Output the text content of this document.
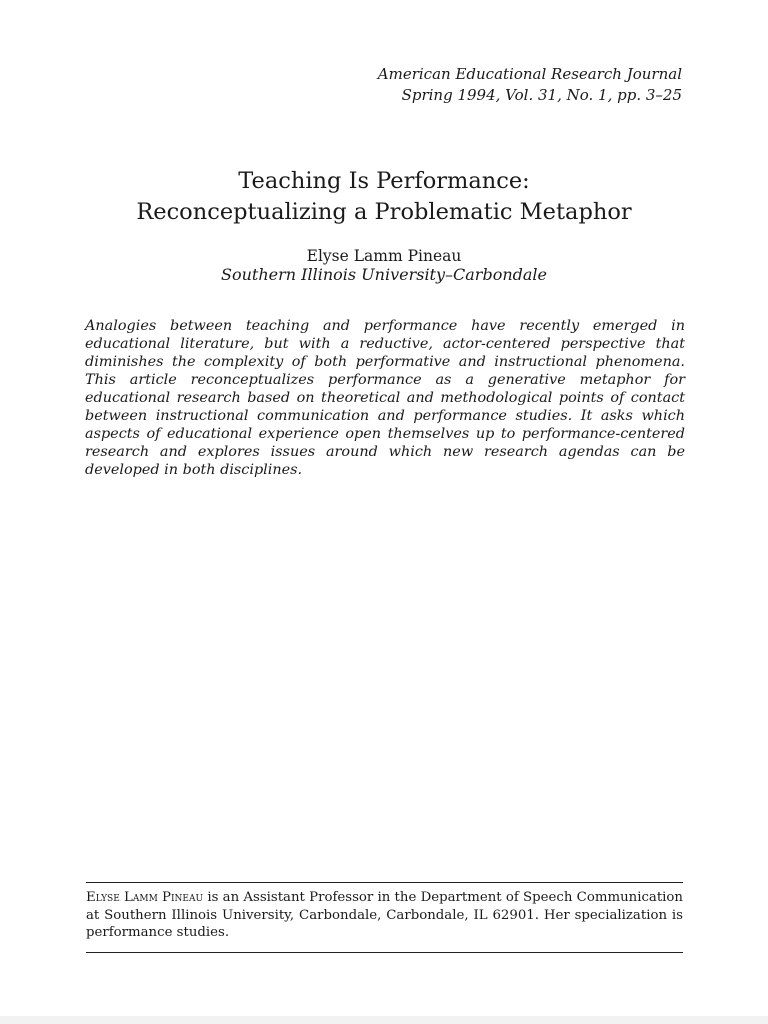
American Educational Research Journal
Spring 1994, Vol. 31, No. 1, pp. 3–25
Teaching Is Performance:
Reconceptualizing a Problematic Metaphor
Elyse Lamm Pineau
Southern Illinois University–Carbondale

Analogies between teaching and performance have recently emerged in educational literature, but with a reductive, actor-centered perspective that diminishes the complexity of both performative and instructional phenomena. This article reconceptualizes performance as a generative metaphor for educational research based on theoretical and methodological points of contact between instructional communication and performance studies. It asks which aspects of educational experience open themselves up to performance-centered research and explores issues around which new research agendas can be developed in both disciplines.

Elyse Lamm Pineau is an Assistant Professor in the Department of Speech Communication at Southern Illinois University, Carbondale, Carbondale, IL 62901. Her specialization is performance studies.
